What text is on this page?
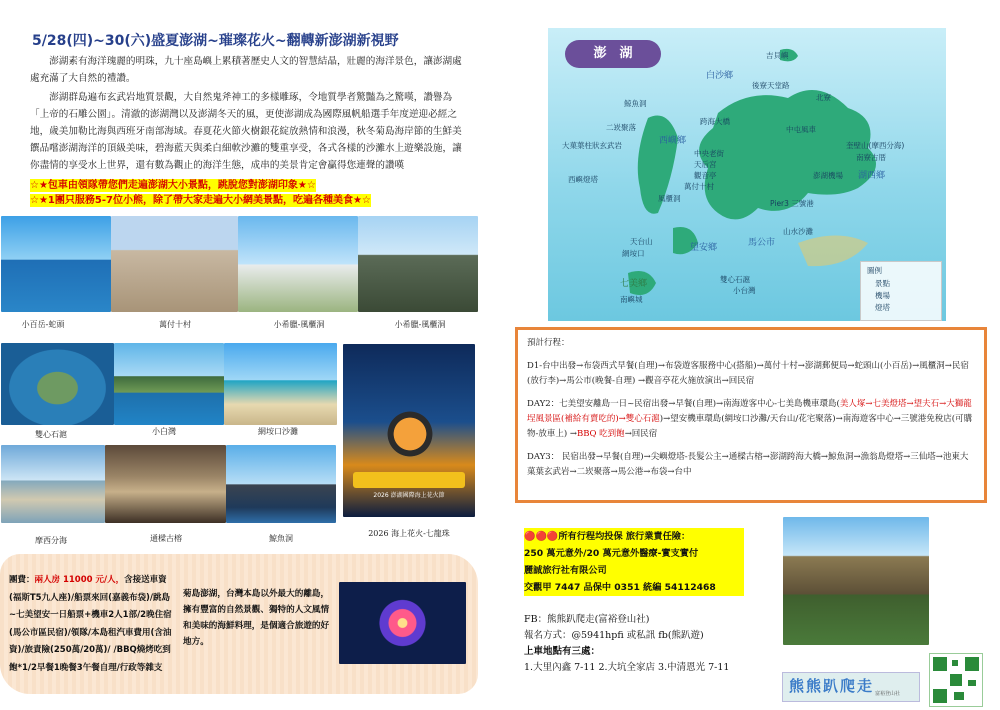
5/28(四)~30(六)盛夏澎湖~璀璨花火~翻轉新澎湖新視野
澎湖素有海洋瑰麗的明珠，九十座島嶼上累積著歷史人文的智慧結晶，壯麗的海洋景色，讓澎湖處處充滿了大自然的禮讚。
澎湖群島遍布玄武岩地質景觀，大自然鬼斧神工的多樣雕琢，令地質學者驚豔為之驚嘆，讚譽為「上帝的石雕公園」。清澈的澎湖灣以及澎湖冬天的風，更使澎湖成為國際風帆船選手年度逆迎必經之地，歲美加勒比海與西班牙南部海域。春夏花火節火樹銀花綻放熱情和浪漫，秋冬菊島海岸節的生鮮美饌品嚐澎湖海洋的頂級美味，碧海藍天與柔白細軟沙灘的雙重享受，各式各樣的沙灘水上遊樂設施，讓你盡情的享受水上世界，還有數為觀止的海洋生態，成串的美景肯定會贏得您連聲的讚嘆
☆★包車由領隊帶您們走遍澎湖大小景點，跳脫您對澎湖印象★☆
☆★1團只服務5-7位小熊，除了帶大家走遍大小網美景點，吃遍各種美食★☆
小百岳-蛇頭	萬付十村	小希臘-風櫃洞	小希臘-風櫃洞
雙心石滬	小白灣	網垵口沙灘
摩西分海	通樑古榕	鯨魚洞
2026 澎湖國際海上花火節
2026 海上花火-七龍珠
澎　湖
白沙鄉
西嶼鄉
湖西鄉
馬公市
望安鄉
七美鄉
吉貝嶼
後寮天堂路
北寮
中屯風車
奎壁山(摩西分海)
南寮古厝
澎湖機場
Pier3 三號港
山水沙灘
小台灣
雙心石滬
鯨魚洞
二崁聚落
大菓葉柱狀玄武岩
西嶼燈塔
風櫃洞
天台山
網垵口
南嶼城
跨海大橋
中央老街
天后宮
觀音亭
萬付十村
圖例
景點
機場
燈塔
預計行程：
D1-台中出發→布袋西式早餐(自理)→布袋遊客服務中心(搭船)→萬付十村→澎湖郵便局→蛇頭山(小百岳)→風櫃洞→民宿(放行李)→馬公市(晚餐-自理) →觀音亭花火施放演出→回民宿
DAY2：七美望安離島一日~民宿出發→早餐(自理)→南海遊客中心-七美島機車環島(美人塚→七美燈塔→望夫石→大獅龍埕風景區(補給有賣吃的)→雙心石滬)→望安機車環島(網垵口沙灘/天台山/花宅聚落)→南海遊客中心→三號港免稅店(可購物-放車上) →BBQ 吃到飽→回民宿
DAY3： 民宿出發→早餐(自理)→尖嶼燈塔-長髮公主→通樑古榕→澎湖跨海大橋→鯨魚洞→漁翁島燈塔→三仙塔→池東大菓葉玄武岩→二崁聚落→馬公港→布袋→台中
🔴🔴🔴所有行程均投保 旅行業責任險：
250 萬元意外/20 萬元意外醫療-實支實付
麗誠旅行社有限公司
交觀甲 7447 品保中 0351 統編 54112468
FB：熊熊趴爬走(富裕登山社)
報名方式：@5941hpfi 或私訊 fb(熊趴遊)
上車地點有三處：
1.大里內鑫 7-11 2.大坑全家店 3.中清恩光 7-11
團費：兩人房 11000 元/人，含接送車資(福斯T5九人座)/船票來回(嘉義布袋)/跳島~七美望安一日船票+機車2人1部/2晚住宿(馬公市區民宿)/領隊/本島租汽車費用(含油資)/旅責險(250萬/20萬)/ /BBQ燒烤吃到飽*1/2早餐1晚餐3午餐自理/行政等雜支
菊島澎湖，台灣本島以外最大的離島，擁有豐富的自然景觀、獨特的人文風情和美味的海鮮料理，是個適合旅遊的好地方。
熊熊趴爬走 富裕登山社
